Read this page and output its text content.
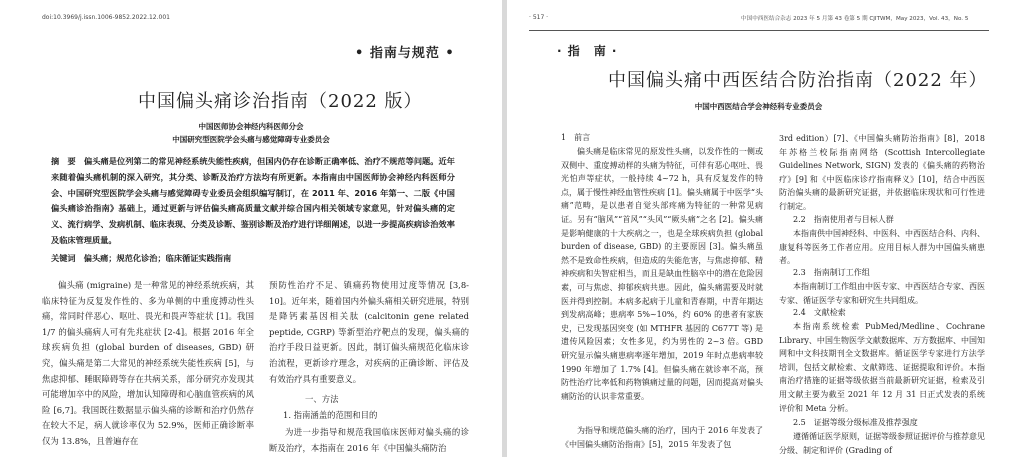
doi:10.3969/j.issn.1006-9852.2022.12.001
• 指南与规范 •
中国偏头痛诊治指南（2022 版）
中国医师协会神经内科医师分会
中国研究型医院学会头痛与感觉障碍专业委员会

摘　要　偏头痛是位列第二的常见神经系统失能性疾病，但国内仍存在诊断正确率低、治疗不规范等问题。近年来随着偏头痛机制的深入研究，其分类、诊断及治疗方法均有所更新。本指南由中国医师协会神经内科医师分会、中国研究型医院学会头痛与感觉障碍专业委员会组织编写制订，在 2011 年、2016 年第一、二版《中国偏头痛诊治指南》基础上，通过更新与评估偏头痛高质量文献并综合国内相关领域专家意见，针对偏头痛的定义、流行病学、发病机制、临床表现、分类及诊断、鉴别诊断及治疗进行详细阐述，以进一步提高疾病诊治效率及临床管理质量。

关键词　偏头痛；规范化诊治；临床循证实践指南

偏头痛 (migraine) 是一种常见的神经系统疾病，其临床特征为反复发作性的、多为单侧的中重度搏动性头痛，常同时伴恶心、呕吐、畏光和畏声等症状 [1]。我国 1/7 的偏头痛病人可有先兆症状 [2-4]。根据 2016 年全球疾病负担 (global burden of diseases, GBD) 研究，偏头痛是第二大常见的神经系统失能性疾病 [5]，与焦虑抑郁、睡眠障碍等存在共病关系，部分研究亦发现其可能增加卒中的风险，增加认知障碍和心脑血管疾病的风险 [6,7]。我国既往数据显示偏头痛的诊断和治疗仍然存在较大不足，病人就诊率仅为 52.9%，医师正确诊断率仅为 13.8%，且普遍存在

预防性治疗不足、镇痛药物使用过度等情况 [3,8-10]。近年来，随着国内外偏头痛相关研究进展，特别是降钙素基因相关肽 (calcitonin gene related peptide, CGRP) 等新型治疗靶点的发现，偏头痛的治疗手段日益更新。因此，制订偏头痛规范化临床诊治流程，更新诊疗理念，对疾病的正确诊断、评估及有效治疗具有重要意义。

一、方法
1. 指南涵盖的范围和目的

为进一步指导和规范我国临床医师对偏头痛的诊断及治疗，本指南在 2016 年《中国偏头痛防治

· 517 ·	中国中西医结合杂志 2023 年 5 月第 43 卷第 5 期 CJITWM，May 2023，Vol. 43，No. 5
· 指　南 ·
中国偏头痛中西医结合防治指南（2022 年）
中国中西医结合学会神经科专业委员会
1　前言

偏头痛是临床常见的原发性头痛，以发作性的一侧或双侧中、重度搏动样的头痛为特征，可伴有恶心呕吐、畏光怕声等症状，一般持续 4~72 h，具有反复发作的特点，属于慢性神经血管性疾病 [1]。偏头痛属于中医学“头痛”范畴，是以患者自觉头部疼痛为特征的一种常见病证。另有“脑风”“首风”“头风”“厥头痛”之名 [2]。偏头痛是影响健康的十大疾病之一，也是全球疾病负担 (global burden of disease, GBD) 的主要原因 [3]。偏头痛虽然不是致命性疾病，但造成的失能危害，与焦虑抑郁、精神疾病和失智症相当，而且是缺血性脑卒中的潜在危险因素，可与焦虑、抑郁疾病共患。因此，偏头痛需要及时就医并得到控制。本病多起病于儿童和青春期，中青年期达到发病高峰；患病率 5%~10%，约 60% 的患者有家族史，已发现基因突变 (如 MTHFR 基因的 C677T 等) 是遗传风险因素；女性多见，约为男性的 2~3 倍。GBD 研究显示偏头痛患病率逐年增加，2019 年时点患病率较 1990 年增加了 1.7% [4]。但偏头痛在就诊率不高，预防性治疗比率低和药物镇痛过量的问题，因而提高对偏头痛防治的认识非常重要。

为指导和规范偏头痛的治疗，国内于 2016 年发表了《中国偏头痛防治指南》[5]，2015 年发表了包

3rd edition）[7]、《中国偏头痛防治指南》[8]，2018 年苏格兰校际指南网络 (Scottish Intercollegiate Guidelines Network, SIGN) 发表的《偏头痛的药物治疗》[9] 和《中医临床诊疗指南释义》[10]，结合中西医防治偏头痛的最新研究证据，并依据临床现状和可行性进行制定。

2.2　指南使用者与目标人群

本指南供中国神经科、中医科、中西医结合科、内科、康复科等医务工作者应用。应用目标人群为中国偏头痛患者。

2.3　指南制订工作组

本指南制订工作组由中医专家、中西医结合专家、西医专家、循证医学专家和研究生共同组成。

2.4　文献检索

本指南系统检索 PubMed/Medline、Cochrane Library、中国生物医学文献数据库、万方数据库、中国知网和中文科技期刊全文数据库。循证医学专家进行方法学培训，包括文献检索、文献筛选、证据提取和评价。本指南治疗措施的证据等级依据当前最新研究证据，检索及引用文献主要为截至 2021 年 12 月 31 日正式发表的系统评价和 Meta 分析。

2.5　证据等级分级标准及推荐强度

遵循循证医学原则，证据等级参照证据评价与推荐意见分级、制定和评价 (Grading of
